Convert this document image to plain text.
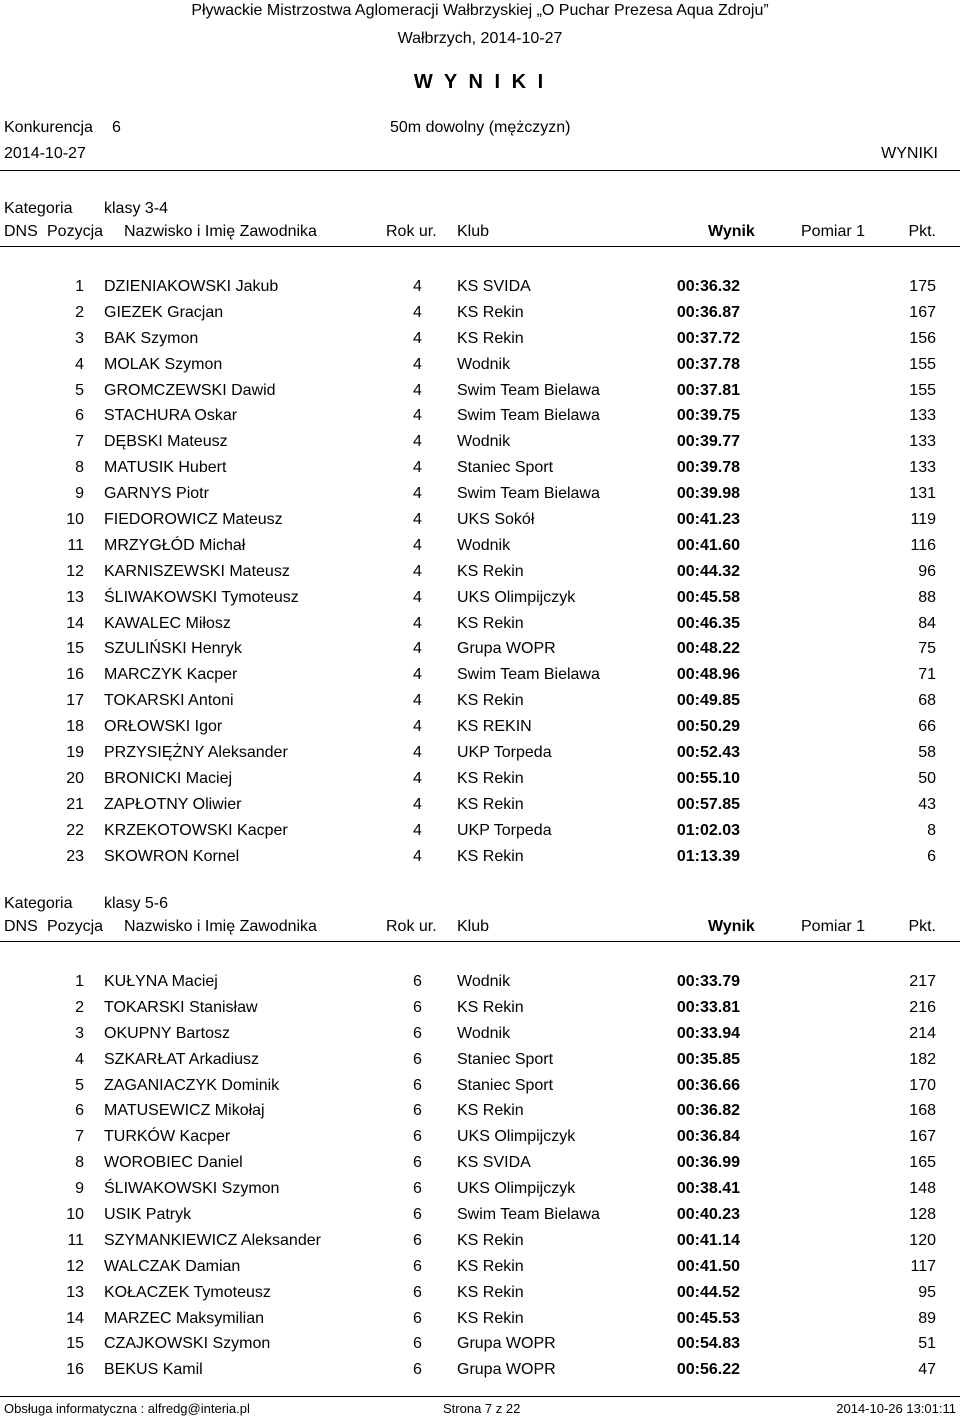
Pływackie Mistrzostwa Aglomeracji Wałbrzyskiej „O Puchar Prezesa Aqua Zdroju”
Wałbrzych, 2014-10-27
W Y N I K I
Konkurencja 6	50m dowolny (mężczyzn)
2014-10-27	WYNIKI
Kategoria klasy 3-4
DNS Pozycja Nazwisko i Imię Zawodnika	Rok ur. Klub	Wynik	Pomiar 1	Pkt.
1 DZIENIAKOWSKI Jakub	4 KS SVIDA	00:36.32	175
2 GIEZEK Gracjan	4 KS Rekin	00:36.87	167
3 BAK Szymon	4 KS Rekin	00:37.72	156
4 MOLAK Szymon	4 Wodnik	00:37.78	155
5 GROMCZEWSKI Dawid	4 Swim Team Bielawa	00:37.81	155
6 STACHURA Oskar	4 Swim Team Bielawa	00:39.75	133
7 DĘBSKI Mateusz	4 Wodnik	00:39.77	133
8 MATUSIK Hubert	4 Staniec Sport	00:39.78	133
9 GARNYS Piotr	4 Swim Team Bielawa	00:39.98	131
10 FIEDOROWICZ Mateusz	4 UKS Sokół	00:41.23	119
11 MRZYGŁÓD Michał	4 Wodnik	00:41.60	116
12 KARNISZEWSKI Mateusz	4 KS Rekin	00:44.32	96
13 ŚLIWAKOWSKI Tymoteusz	4 UKS Olimpijczyk	00:45.58	88
14 KAWALEC Miłosz	4 KS Rekin	00:46.35	84
15 SZULIŃSKI Henryk	4 Grupa WOPR	00:48.22	75
16 MARCZYK Kacper	4 Swim Team Bielawa	00:48.96	71
17 TOKARSKI Antoni	4 KS Rekin	00:49.85	68
18 ORŁOWSKI Igor	4 KS REKIN	00:50.29	66
19 PRZYSIĘŻNY Aleksander	4 UKP Torpeda	00:52.43	58
20 BRONICKI Maciej	4 KS Rekin	00:55.10	50
21 ZAPŁOTNY Oliwier	4 KS Rekin	00:57.85	43
22 KRZEKOTOWSKI Kacper	4 UKP Torpeda	01:02.03	8
23 SKOWRON Kornel	4 KS Rekin	01:13.39	6
Kategoria klasy 5-6
DNS Pozycja Nazwisko i Imię Zawodnika	Rok ur. Klub	Wynik	Pomiar 1	Pkt.
1 KUŁYNA Maciej	6 Wodnik	00:33.79	217
2 TOKARSKI Stanisław	6 KS Rekin	00:33.81	216
3 OKUPNY Bartosz	6 Wodnik	00:33.94	214
4 SZKARŁAT Arkadiusz	6 Staniec Sport	00:35.85	182
5 ZAGANIACZYK Dominik	6 Staniec Sport	00:36.66	170
6 MATUSEWICZ Mikołaj	6 KS Rekin	00:36.82	168
7 TURKÓW Kacper	6 UKS Olimpijczyk	00:36.84	167
8 WOROBIEC Daniel	6 KS SVIDA	00:36.99	165
9 ŚLIWAKOWSKI Szymon	6 UKS Olimpijczyk	00:38.41	148
10 USIK Patryk	6 Swim Team Bielawa	00:40.23	128
11 SZYMANKIEWICZ Aleksander	6 KS Rekin	00:41.14	120
12 WALCZAK Damian	6 KS Rekin	00:41.50	117
13 KOŁACZEK Tymoteusz	6 KS Rekin	00:44.52	95
14 MARZEC Maksymilian	6 KS Rekin	00:45.53	89
15 CZAJKOWSKI Szymon	6 Grupa WOPR	00:54.83	51
16 BEKUS Kamil	6 Grupa WOPR	00:56.22	47
Obsługa informatyczna : alfredg@interia.pl	Strona 7 z 22	2014-10-26 13:01:11
